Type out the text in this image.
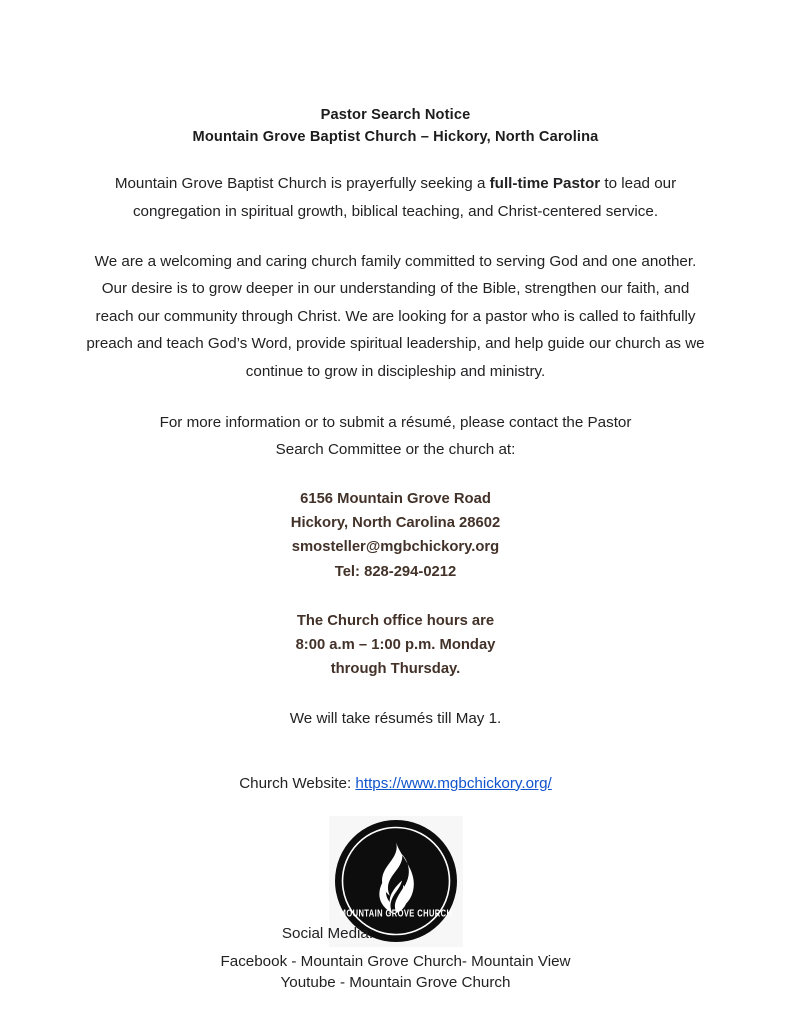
Pastor Search Notice
Mountain Grove Baptist Church – Hickory, North Carolina

Mountain Grove Baptist Church is prayerfully seeking a full-time Pastor to lead our congregation in spiritual growth, biblical teaching, and Christ-centered service.

We are a welcoming and caring church family committed to serving God and one another. Our desire is to grow deeper in our understanding of the Bible, strengthen our faith, and reach our community through Christ. We are looking for a pastor who is called to faithfully preach and teach God’s Word, provide spiritual leadership, and help guide our church as we continue to grow in discipleship and ministry.

For more information or to submit a résumé, please contact the Pastor Search Committee or the church at:

6156 Mountain Grove Road
Hickory, North Carolina 28602
smosteller@mgbchickory.org
Tel: 828-294-0212
The Church office hours are
8:00 a.m – 1:00 p.m. Monday
through Thursday.
We will take résumés till May 1.
Church Website: https://www.mgbchickory.org/
MOUNTAIN GROVE CHURCH
Social Media:
Facebook - Mountain Grove Church- Mountain View
Youtube - Mountain Grove Church
